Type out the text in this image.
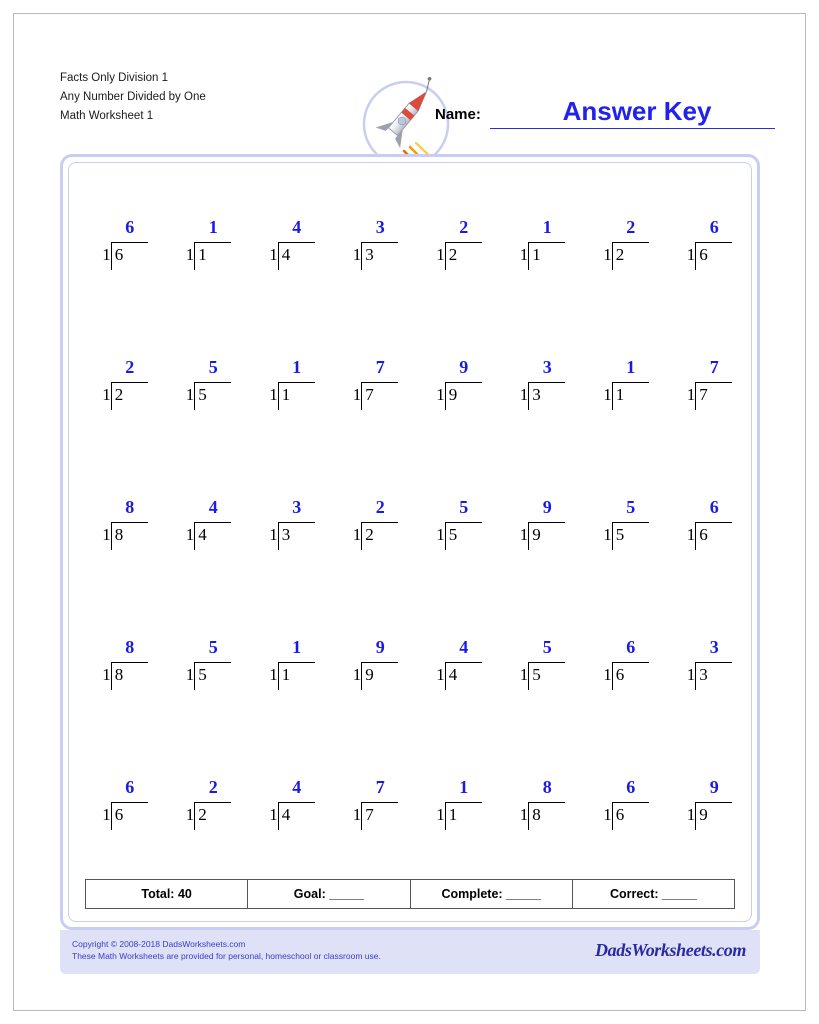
Facts Only Division 1
Any Number Divided by One
Math Worksheet 1	Name:	Answer Key
6
1 6
1
1 1
4
1 4
3
1 3
2
1 2
1
1 1
2
1 2
6
1 6
2
1 2
5
1 5
1
1 1
7
1 7
9
1 9
3
1 3
1
1 1
7
1 7
8
1 8
4
1 4
3
1 3
2
1 2
5
1 5
9
1 9
5
1 5
6
1 6
8
1 8
5
1 5
1
1 1
9
1 9
4
1 4
5
1 5
6
1 6
3
1 3
6
1 6
2
1 2
4
1 4
7
1 7
1
1 1
8
1 8
6
1 6
9
1 9
Total: 40	Goal: _____	Complete: _____	Correct: _____
Copyright © 2008-2018 DadsWorksheets.com
These Math Worksheets are provided for personal, homeschool or classroom use.	DadsWorksheets.com
